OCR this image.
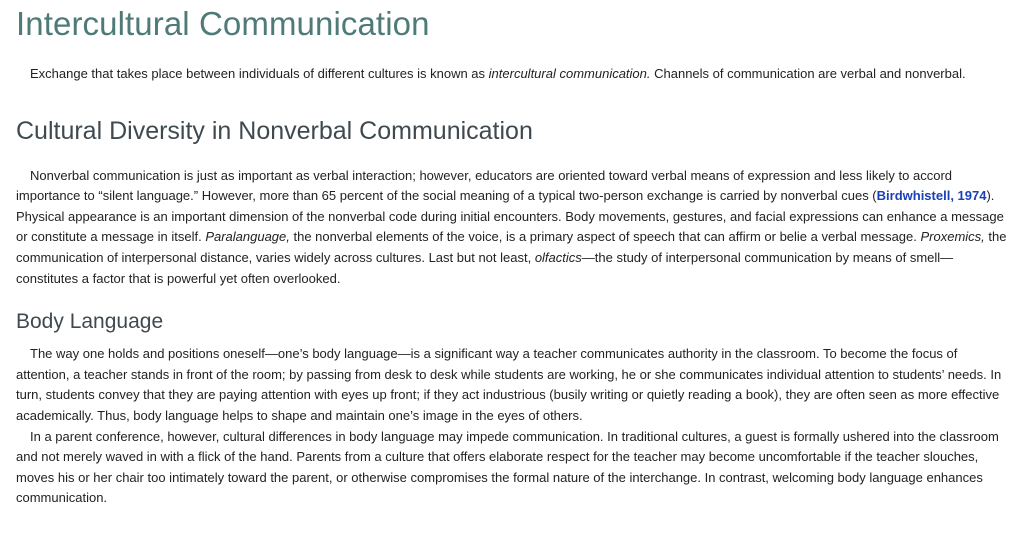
Intercultural Communication

Exchange that takes place between individuals of different cultures is known as intercultural communication. Channels of communication are verbal and nonverbal.

Cultural Diversity in Nonverbal Communication

Nonverbal communication is just as important as verbal interaction; however, educators are oriented toward verbal means of expression and less likely to accord importance to “silent language.” However, more than 65 percent of the social meaning of a typical two-person exchange is carried by nonverbal cues (Birdwhistell, 1974). Physical appearance is an important dimension of the nonverbal code during initial encounters. Body movements, gestures, and facial expressions can enhance a message or constitute a message in itself. Paralanguage, the nonverbal elements of the voice, is a primary aspect of speech that can affirm or belie a verbal message. Proxemics, the communication of interpersonal distance, varies widely across cultures. Last but not least, olfactics—the study of interpersonal communication by means of smell—constitutes a factor that is powerful yet often overlooked.

Body Language

The way one holds and positions oneself—one’s body language—is a significant way a teacher communicates authority in the classroom. To become the focus of attention, a teacher stands in front of the room; by passing from desk to desk while students are working, he or she communicates individual attention to students’ needs. In turn, students convey that they are paying attention with eyes up front; if they act industrious (busily writing or quietly reading a book), they are often seen as more effective academically. Thus, body language helps to shape and maintain one’s image in the eyes of others.

In a parent conference, however, cultural differences in body language may impede communication. In traditional cultures, a guest is formally ushered into the classroom and not merely waved in with a flick of the hand. Parents from a culture that offers elaborate respect for the teacher may become uncomfortable if the teacher slouches, moves his or her chair too intimately toward the parent, or otherwise compromises the formal nature of the interchange. In contrast, welcoming body language enhances communication.
